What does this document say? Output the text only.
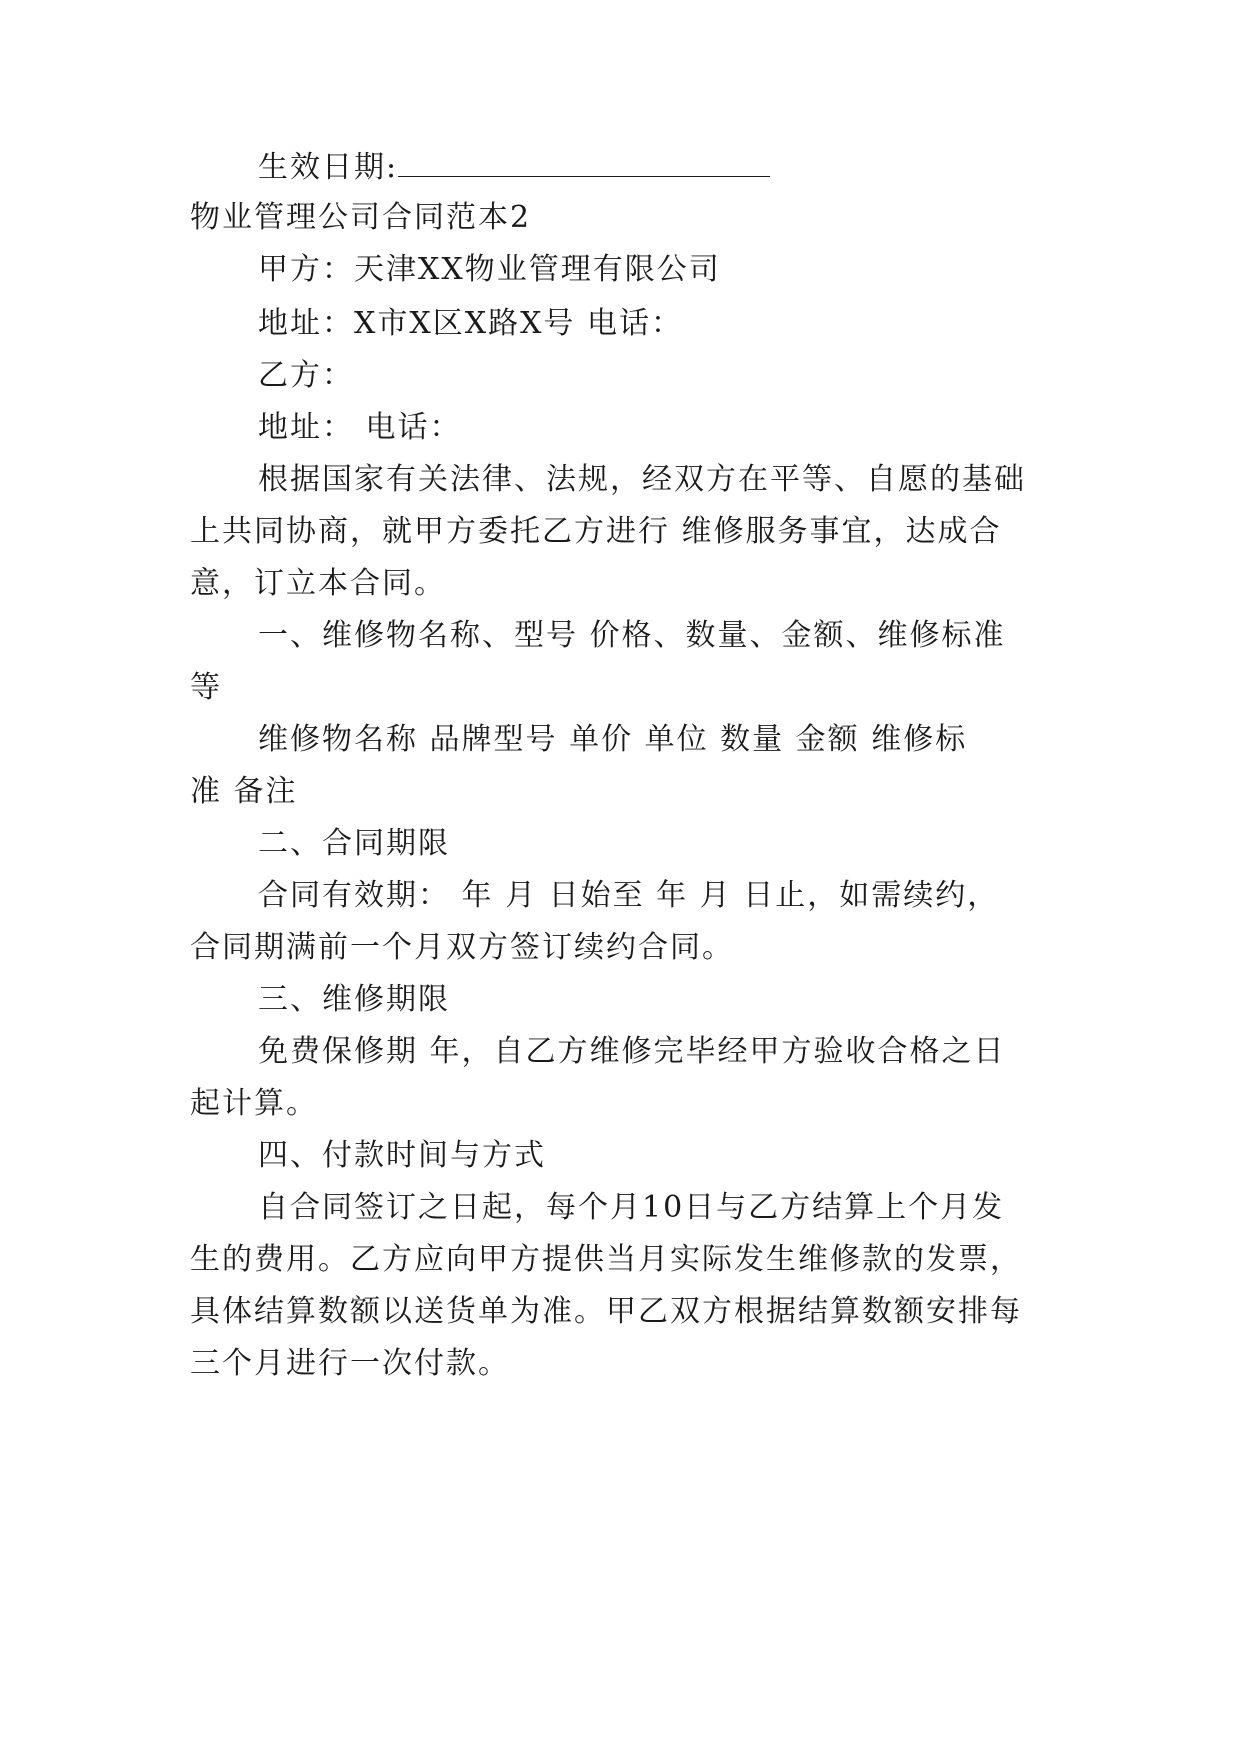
生效日期:
物业管理公司合同范本2
甲方：天津XX物业管理有限公司
地址：X市X区X路X号 电话：
乙方：
地址： 电话：
根据国家有关法律、法规，经双方在平等、自愿的基础
上共同协商，就甲方委托乙方进行 维修服务事宜，达成合
意，订立本合同。
一、维修物名称、型号 价格、数量、金额、维修标准
等
维修物名称 品牌型号 单价 单位 数量 金额 维修标
准 备注
二、合同期限
合同有效期： 年 月 日始至 年 月 日止，如需续约，
合同期满前一个月双方签订续约合同。
三、维修期限
免费保修期 年，自乙方维修完毕经甲方验收合格之日
起计算。
四、付款时间与方式
自合同签订之日起，每个月10日与乙方结算上个月发
生的费用。乙方应向甲方提供当月实际发生维修款的发票，
具体结算数额以送货单为准。甲乙双方根据结算数额安排每
三个月进行一次付款。
